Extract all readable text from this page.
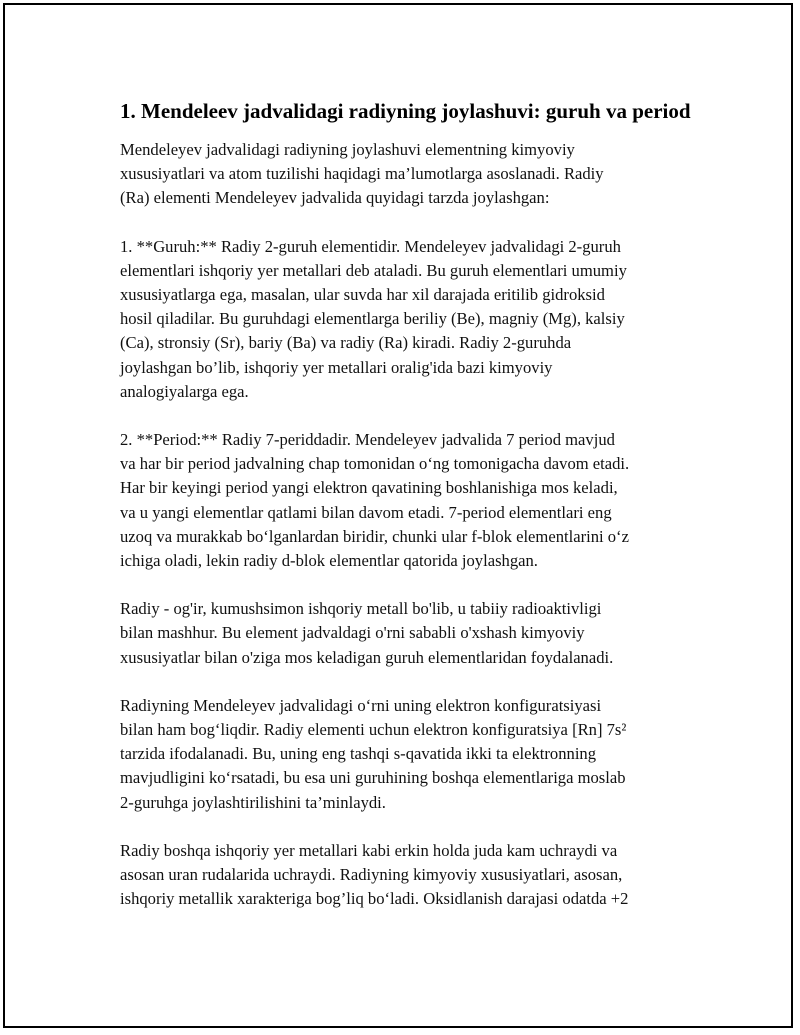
1. Mendeleev jadvalidagi radiyning joylashuvi: guruh va period

Mendeleyev jadvalidagi radiyning joylashuvi elementning kimyoviy
xususiyatlari va atom tuzilishi haqidagi ma’lumotlarga asoslanadi. Radiy
(Ra) elementi Mendeleyev jadvalida quyidagi tarzda joylashgan:

1. **Guruh:** Radiy 2-guruh elementidir. Mendeleyev jadvalidagi 2-guruh
elementlari ishqoriy yer metallari deb ataladi. Bu guruh elementlari umumiy
xususiyatlarga ega, masalan, ular suvda har xil darajada eritilib gidroksid
hosil qiladilar. Bu guruhdagi elementlarga beriliy (Be), magniy (Mg), kalsiy
(Ca), stronsiy (Sr), bariy (Ba) va radiy (Ra) kiradi. Radiy 2-guruhda
joylashgan bo’lib, ishqoriy yer metallari oralig'ida bazi kimyoviy
analogiyalarga ega.

2. **Period:** Radiy 7-periddadir. Mendeleyev jadvalida 7 period mavjud
va har bir period jadvalning chap tomonidan o‘ng tomonigacha davom etadi.
Har bir keyingi period yangi elektron qavatining boshlanishiga mos keladi,
va u yangi elementlar qatlami bilan davom etadi. 7-period elementlari eng
uzoq va murakkab bo‘lganlardan biridir, chunki ular f-blok elementlarini o‘z
ichiga oladi, lekin radiy d-blok elementlar qatorida joylashgan.

Radiy - og'ir, kumushsimon ishqoriy metall bo'lib, u tabiiy radioaktivligi
bilan mashhur. Bu element jadvaldagi o'rni sababli o'xshash kimyoviy
xususiyatlar bilan o'ziga mos keladigan guruh elementlaridan foydalanadi.

Radiyning Mendeleyev jadvalidagi o‘rni uning elektron konfiguratsiyasi
bilan ham bog‘liqdir. Radiy elementi uchun elektron konfiguratsiya [Rn] 7s²
tarzida ifodalanadi. Bu, uning eng tashqi s-qavatida ikki ta elektronning
mavjudligini ko‘rsatadi, bu esa uni guruhining boshqa elementlariga moslab
2-guruhga joylashtirilishini ta’minlaydi.

Radiy boshqa ishqoriy yer metallari kabi erkin holda juda kam uchraydi va
asosan uran rudalarida uchraydi. Radiyning kimyoviy xususiyatlari, asosan,
ishqoriy metallik xarakteriga bog’liq bo‘ladi. Oksidlanish darajasi odatda +2
